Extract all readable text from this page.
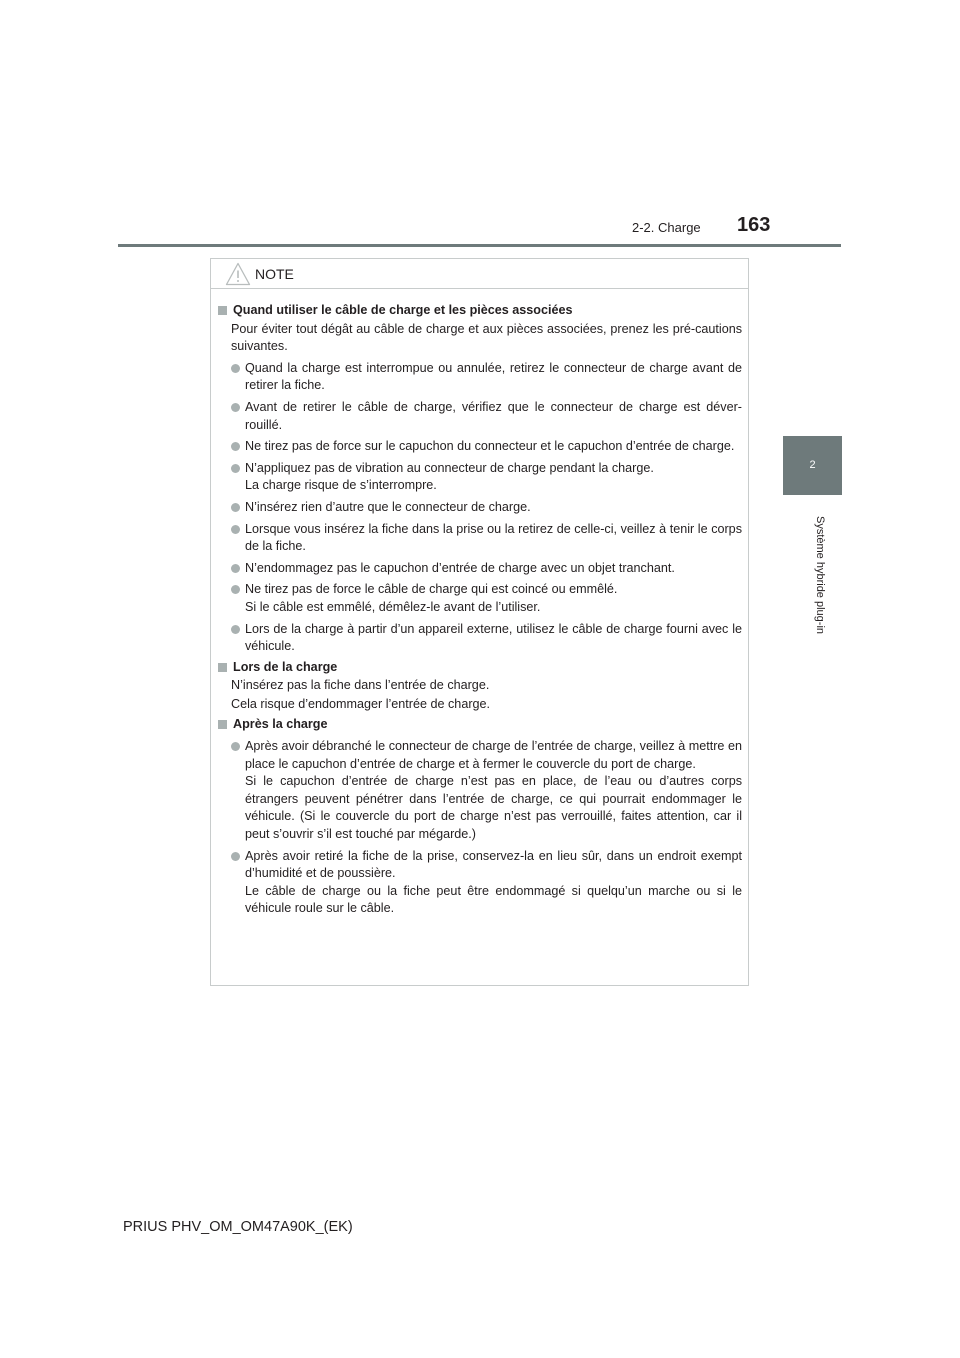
2-2. Charge 163
2
Système hybride plug-in
NOTE
Quand utiliser le câble de charge et les pièces associées
Pour éviter tout dégât au câble de charge et aux pièces associées, prenez les pré-cautions suivantes.
Quand la charge est interrompue ou annulée, retirez le connecteur de charge avant de retirer la fiche.
Avant de retirer le câble de charge, vérifiez que le connecteur de charge est déver-rouillé.
Ne tirez pas de force sur le capuchon du connecteur et le capuchon d’entrée de charge.
N’appliquez pas de vibration au connecteur de charge pendant la charge.
La charge risque de s’interrompre.
N’insérez rien d’autre que le connecteur de charge.
Lorsque vous insérez la fiche dans la prise ou la retirez de celle-ci, veillez à tenir le corps de la fiche.
N’endommagez pas le capuchon d’entrée de charge avec un objet tranchant.
Ne tirez pas de force le câble de charge qui est coincé ou emmêlé.
Si le câble est emmêlé, démêlez-le avant de l’utiliser.
Lors de la charge à partir d’un appareil externe, utilisez le câble de charge fourni avec le véhicule.
Lors de la charge
N’insérez pas la fiche dans l’entrée de charge.
Cela risque d’endommager l’entrée de charge.
Après la charge
Après avoir débranché le connecteur de charge de l’entrée de charge, veillez à mettre en place le capuchon d’entrée de charge et à fermer le couvercle du port de charge.
Si le capuchon d’entrée de charge n’est pas en place, de l’eau ou d’autres corps étrangers peuvent pénétrer dans l’entrée de charge, ce qui pourrait endommager le véhicule. (Si le couvercle du port de charge n’est pas verrouillé, faites attention, car il peut s’ouvrir s’il est touché par mégarde.)
Après avoir retiré la fiche de la prise, conservez-la en lieu sûr, dans un endroit exempt d’humidité et de poussière.
Le câble de charge ou la fiche peut être endommagé si quelqu’un marche ou si le véhicule roule sur le câble.
PRIUS PHV_OM_OM47A90K_(EK)
